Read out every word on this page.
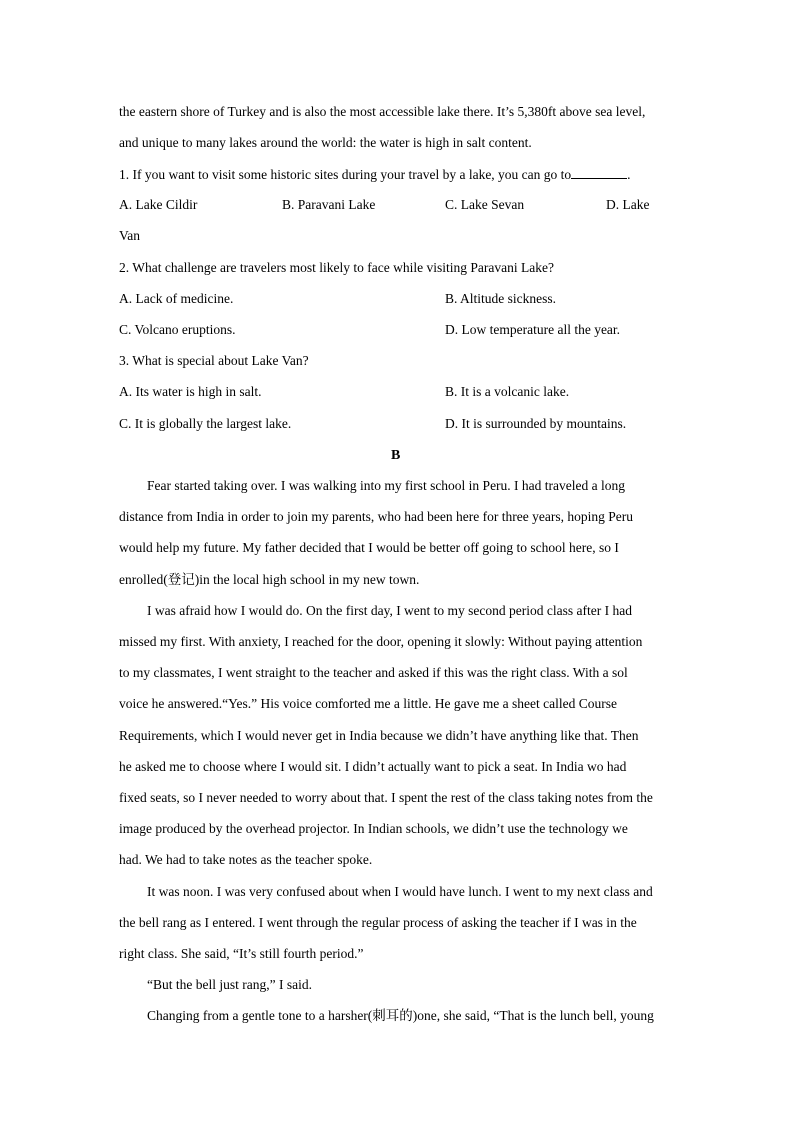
the eastern shore of Turkey and is also the most accessible lake there. It’s 5,380ft above sea level,
and unique to many lakes around the world: the water is high in salt content.
1. If you want to visit some historic sites during your travel by a lake, you can go to	.
A. Lake Cildir	B. Paravani Lake	C. Lake Sevan	D. Lake
Van
2. What challenge are travelers most likely to face while visiting Paravani Lake?
A. Lack of medicine.	B. Altitude sickness.
C. Volcano eruptions.	D. Low temperature all the year.
3. What is special about Lake Van?
A. Its water is high in salt.	B. It is a volcanic lake.
C. It is globally the largest lake.	D. It is surrounded by mountains.
B
Fear started taking over. I was walking into my first school in Peru. I had traveled a long
distance from India in order to join my parents, who had been here for three years, hoping Peru
would help my future. My father decided that I would be better off going to school here, so I
enrolled(登记)in the local high school in my new town.
I was afraid how I would do. On the first day, I went to my second period class after I had
missed my first. With anxiety, I reached for the door, opening it slowly: Without paying attention
to my classmates, I went straight to the teacher and asked if this was the right class. With a sol
voice he answered.“Yes.” His voice comforted me a little. He gave me a sheet called Course
Requirements, which I would never get in India because we didn’t have anything like that. Then
he asked me to choose where I would sit. I didn’t actually want to pick a seat. In India wo had
fixed seats, so I never needed to worry about that. I spent the rest of the class taking notes from the
image produced by the overhead projector. In Indian schools, we didn’t use the technology we
had. We had to take notes as the teacher spoke.
It was noon. I was very confused about when I would have lunch. I went to my next class and
the bell rang as I entered. I went through the regular process of asking the teacher if I was in the
right class. She said, “It’s still fourth period.”
“But the bell just rang,” I said.
Changing from a gentle tone to a harsher(刺耳的)one, she said, “That is the lunch bell, young
